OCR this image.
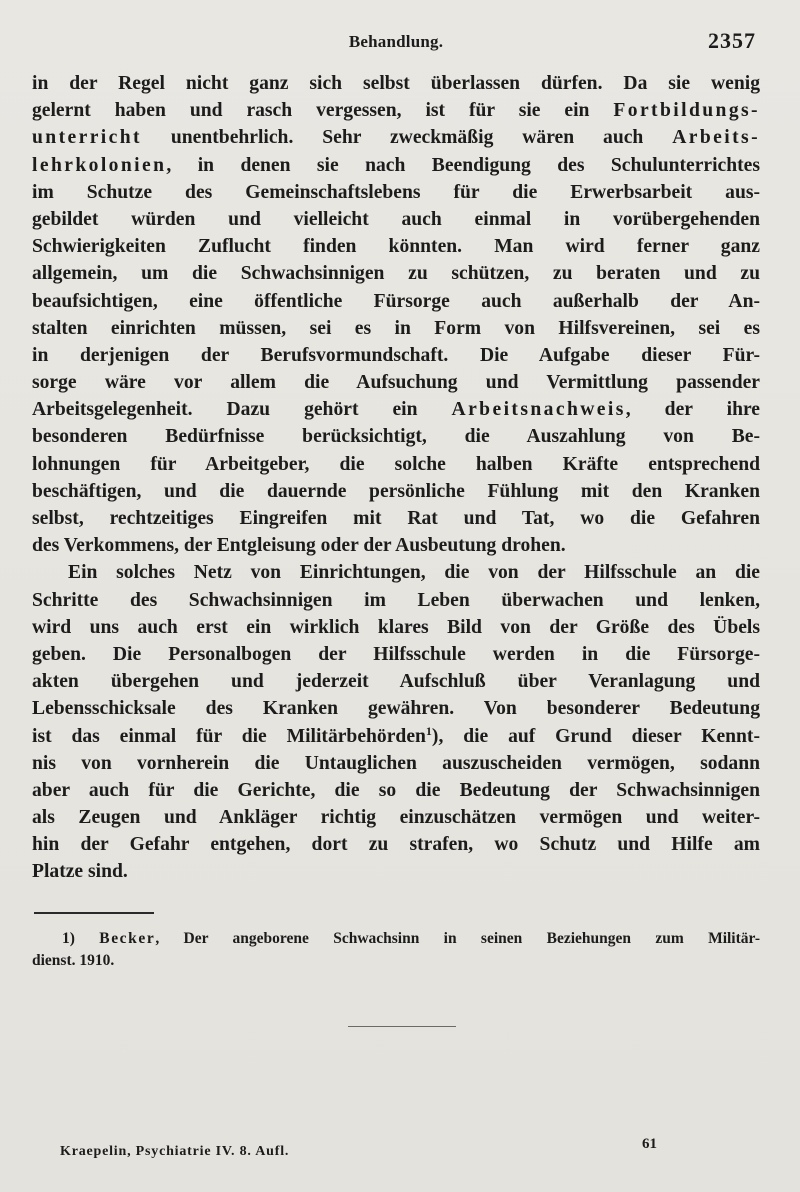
Behandlung.	2357
in der Regel nicht ganz sich selbst überlassen dürfen. Da sie wenig
gelernt haben und rasch vergessen, ist für sie ein Fortbildungs-
unterricht unentbehrlich. Sehr zweckmäßig wären auch Arbeits-
lehrkolonien, in denen sie nach Beendigung des Schulunterrichtes
im Schutze des Gemeinschaftslebens für die Erwerbsarbeit aus-
gebildet würden und vielleicht auch einmal in vorübergehenden
Schwierigkeiten Zuflucht finden könnten. Man wird ferner ganz
allgemein, um die Schwachsinnigen zu schützen, zu beraten und zu
beaufsichtigen, eine öffentliche Fürsorge auch außerhalb der An-
stalten einrichten müssen, sei es in Form von Hilfsvereinen, sei es
in derjenigen der Berufsvormundschaft. Die Aufgabe dieser Für-
sorge wäre vor allem die Aufsuchung und Vermittlung passender
Arbeitsgelegenheit. Dazu gehört ein Arbeitsnachweis, der ihre
besonderen Bedürfnisse berücksichtigt, die Auszahlung von Be-
lohnungen für Arbeitgeber, die solche halben Kräfte entsprechend
beschäftigen, und die dauernde persönliche Fühlung mit den Kranken
selbst, rechtzeitiges Eingreifen mit Rat und Tat, wo die Gefahren
des Verkommens, der Entgleisung oder der Ausbeutung drohen.
Ein solches Netz von Einrichtungen, die von der Hilfsschule an die
Schritte des Schwachsinnigen im Leben überwachen und lenken,
wird uns auch erst ein wirklich klares Bild von der Größe des Übels
geben. Die Personalbogen der Hilfsschule werden in die Fürsorge-
akten übergehen und jederzeit Aufschluß über Veranlagung und
Lebensschicksale des Kranken gewähren. Von besonderer Bedeutung
ist das einmal für die Militärbehörden$^1$), die auf Grund dieser Kennt-
nis von vornherein die Untauglichen auszuscheiden vermögen, sodann
aber auch für die Gerichte, die so die Bedeutung der Schwachsinnigen
als Zeugen und Ankläger richtig einzuschätzen vermögen und weiter-
hin der Gefahr entgehen, dort zu strafen, wo Schutz und Hilfe am
Platze sind.
1) Becker, Der angeborene Schwachsinn in seinen Beziehungen zum Militär-
dienst. 1910.
Kraepelin, Psychiatrie IV. 8. Aufl.	61
